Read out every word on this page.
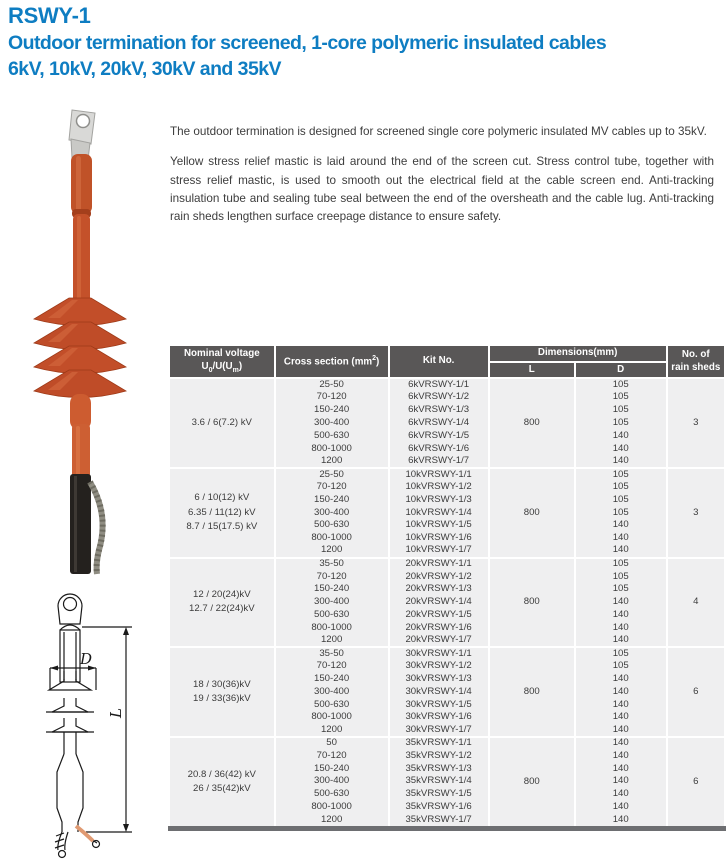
RSWY-1
Outdoor termination for screened, 1-core polymeric insulated cables
6kV, 10kV, 20kV, 30kV and 35kV
D
L

The outdoor termination is designed for screened single core polymeric insulated MV cables up to 35kV.

Yellow stress relief mastic is laid around the end of the screen cut. Stress control tube, together with stress relief mastic, is used to smooth out the electrical field at the cable screen end. Anti-tracking insulation tube and sealing tube seal between the end of the oversheath and the cable lug. Anti-tracking rain sheds lengthen surface creepage distance to ensure safety.

Nominal voltage
$U_0/U(U_m)$	Cross section $(mm^2)$	Kit No.	Dimensions(mm)		No. of
rain sheds
			L	D	
3.6 / 6(7.2) kV	25-50	6kVRSWY-1/1	800	105	3
	70-120	6kVRSWY-1/2		105	
	150-240	6kVRSWY-1/3		105	
	300-400	6kVRSWY-1/4		105	
	500-630	6kVRSWY-1/5		140	
	800-1000	6kVRSWY-1/6		140	
	1200	6kVRSWY-1/7		140	
6 / 10(12) kV
6.35 / 11(12) kV
8.7 / 15(17.5) kV	25-50	10kVRSWY-1/1	800	105	3
	70-120	10kVRSWY-1/2		105	
	150-240	10kVRSWY-1/3		105	
	300-400	10kVRSWY-1/4		105	
	500-630	10kVRSWY-1/5		140	
	800-1000	10kVRSWY-1/6		140	
	1200	10kVRSWY-1/7		140	
12 / 20(24)kV
12.7 / 22(24)kV	35-50	20kVRSWY-1/1	800	105	4
	70-120	20kVRSWY-1/2		105	
	150-240	20kVRSWY-1/3		105	
	300-400	20kVRSWY-1/4		140	
	500-630	20kVRSWY-1/5		140	
	800-1000	20kVRSWY-1/6		140	
	1200	20kVRSWY-1/7		140	
18 / 30(36)kV
19 / 33(36)kV	35-50	30kVRSWY-1/1	800	105	6
	70-120	30kVRSWY-1/2		105	
	150-240	30kVRSWY-1/3		140	
	300-400	30kVRSWY-1/4		140	
	500-630	30kVRSWY-1/5		140	
	800-1000	30kVRSWY-1/6		140	
	1200	30kVRSWY-1/7		140	
20.8 / 36(42) kV
26 / 35(42)kV	50	35kVRSWY-1/1	800	140	6
	70-120	35kVRSWY-1/2		140	
	150-240	35kVRSWY-1/3		140	
	300-400	35kVRSWY-1/4		140	
	500-630	35kVRSWY-1/5		140	
	800-1000	35kVRSWY-1/6		140	
	1200	35kVRSWY-1/7		140	
